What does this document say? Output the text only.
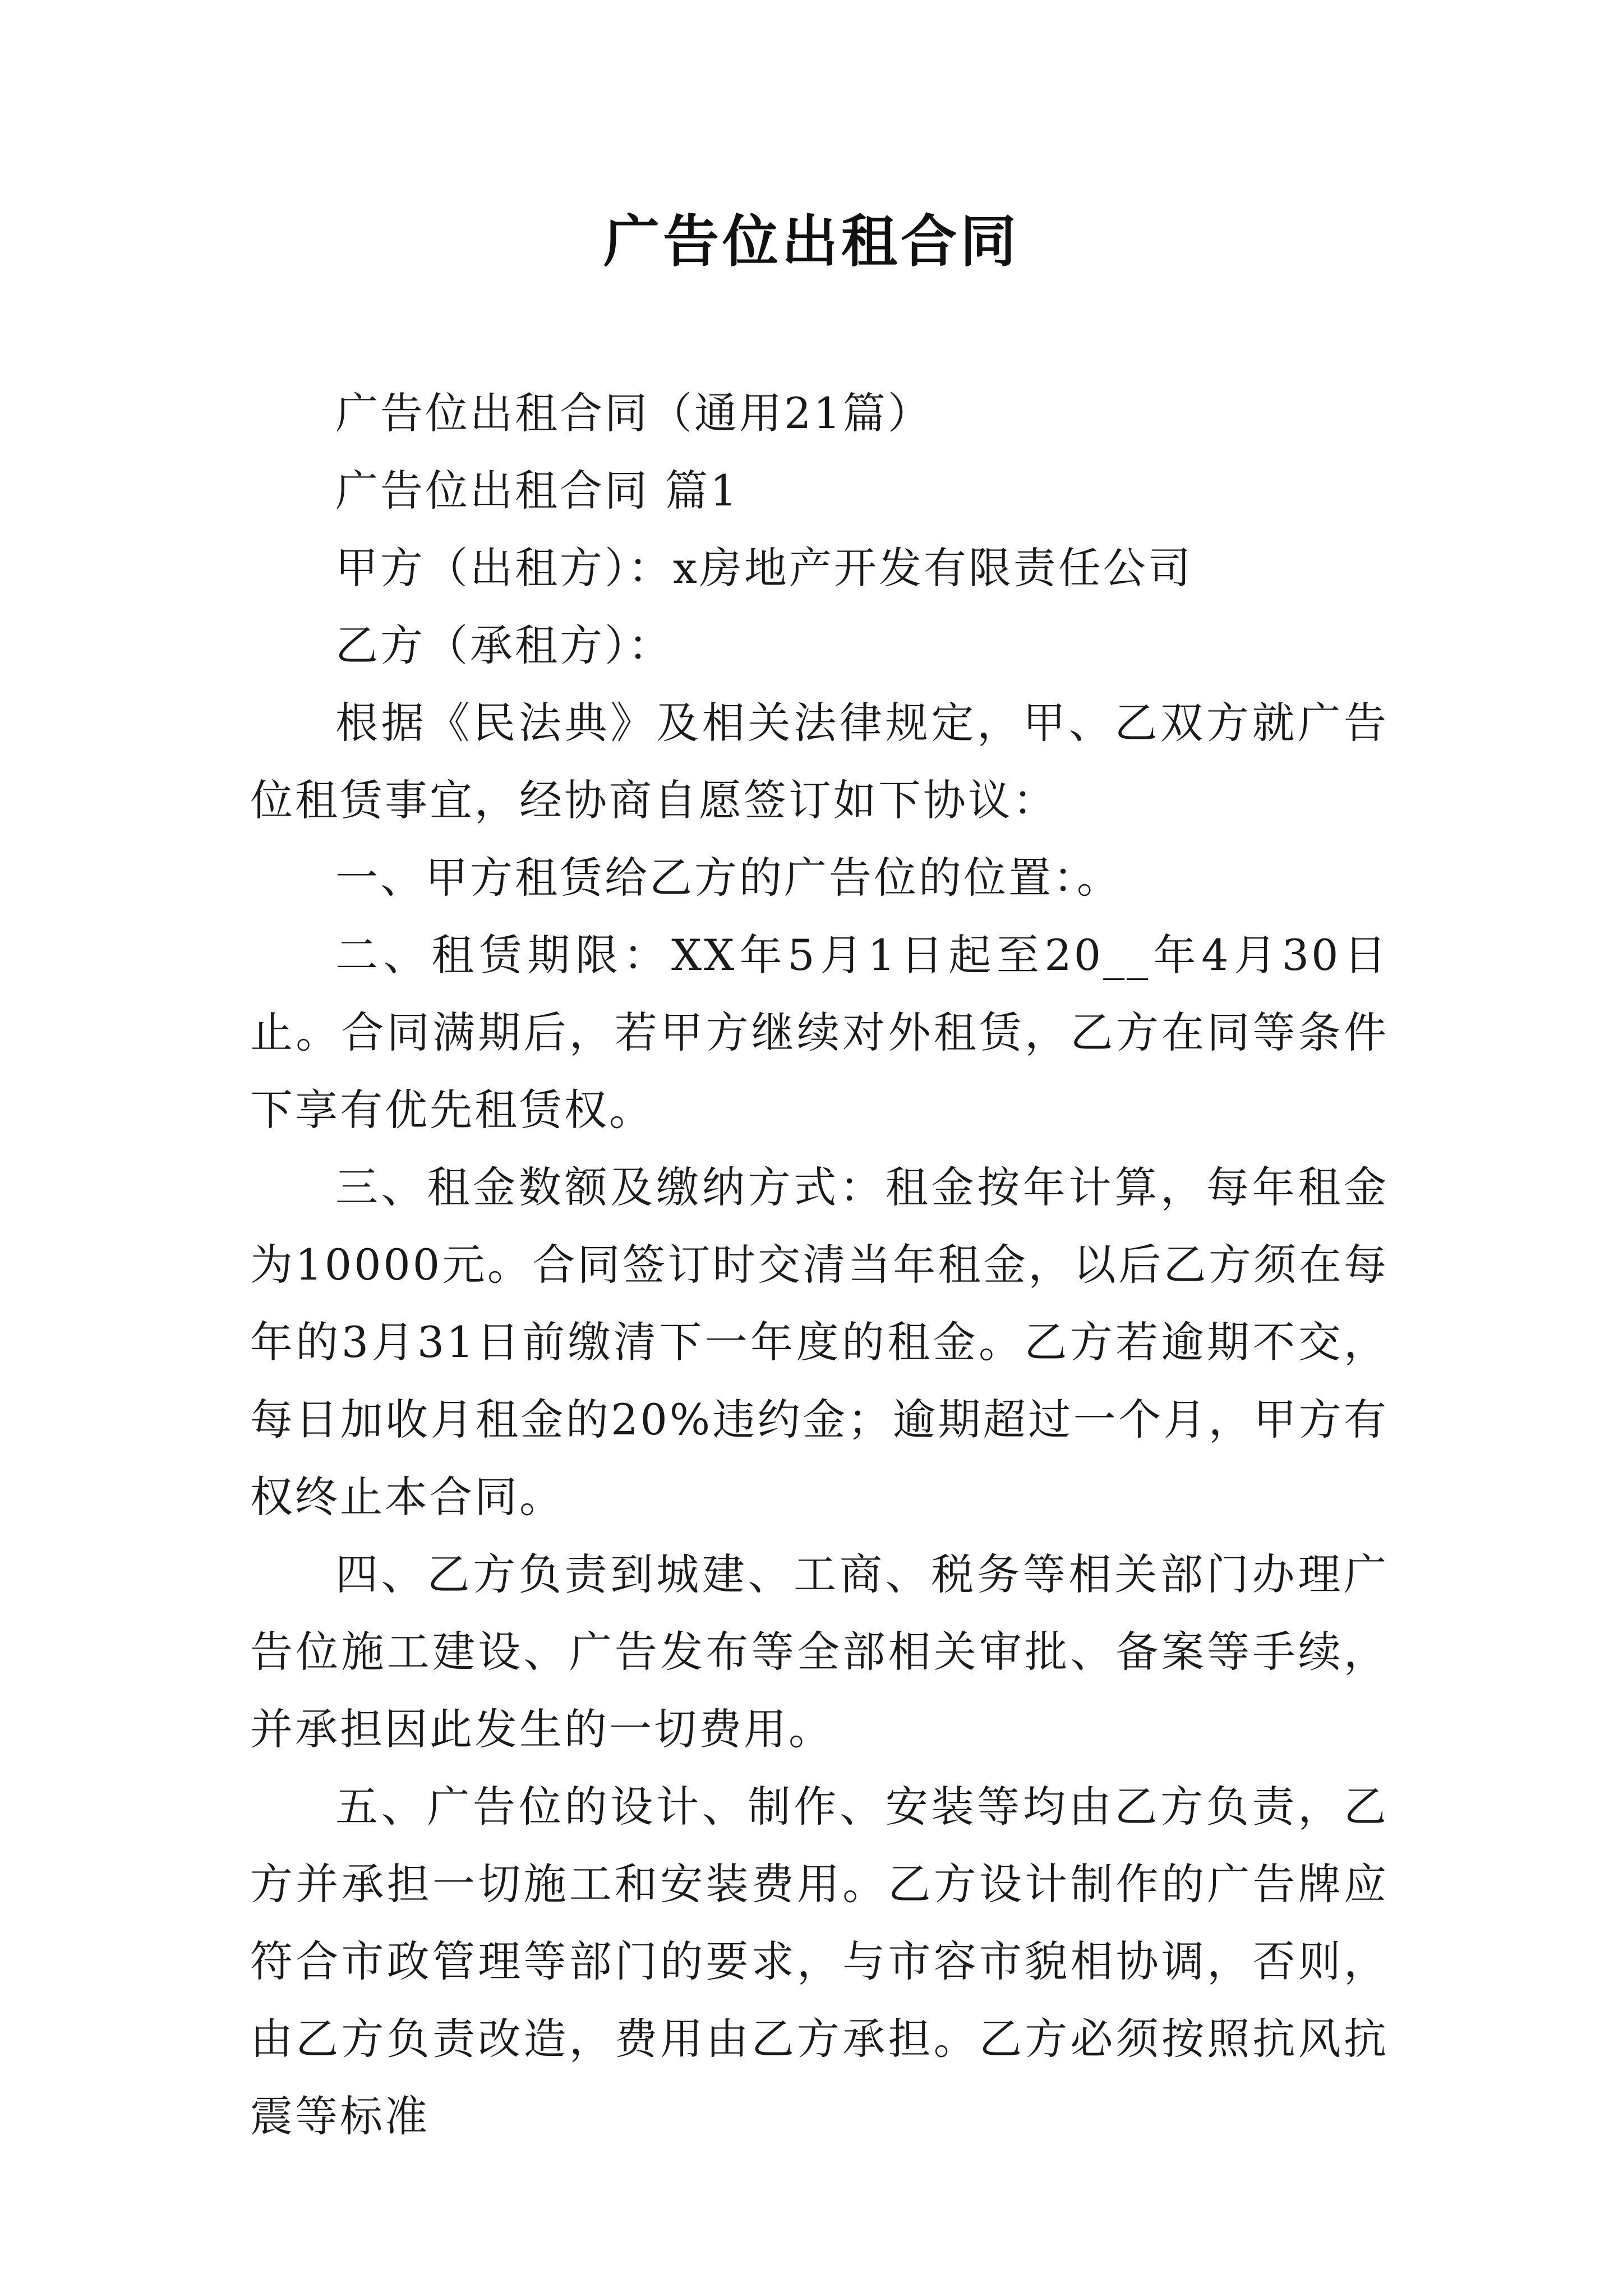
广告位出租合同

广告位出租合同（通用21篇）

广告位出租合同 篇1

甲方（出租方）：x房地产开发有限责任公司

乙方（承租方）：

根据《民法典》及相关法律规定，甲、乙双方就广告位租赁事宜，经协商自愿签订如下协议：

一、甲方租赁给乙方的广告位的位置：。

二、租赁期限：XX年5月1日起至20__年4月30日止。合同满期后，若甲方继续对外租赁，乙方在同等条件下享有优先租赁权。

三、租金数额及缴纳方式：租金按年计算，每年租金为10000元。合同签订时交清当年租金，以后乙方须在每年的3月31日前缴清下一年度的租金。乙方若逾期不交，每日加收月租金的20%违约金；逾期超过一个月，甲方有权终止本合同。

四、乙方负责到城建、工商、税务等相关部门办理广告位施工建设、广告发布等全部相关审批、备案等手续，并承担因此发生的一切费用。

五、广告位的设计、制作、安装等均由乙方负责，乙方并承担一切施工和安装费用。乙方设计制作的广告牌应符合市政管理等部门的要求，与市容市貌相协调，否则，由乙方负责改造，费用由乙方承担。乙方必须按照抗风抗震等标准
